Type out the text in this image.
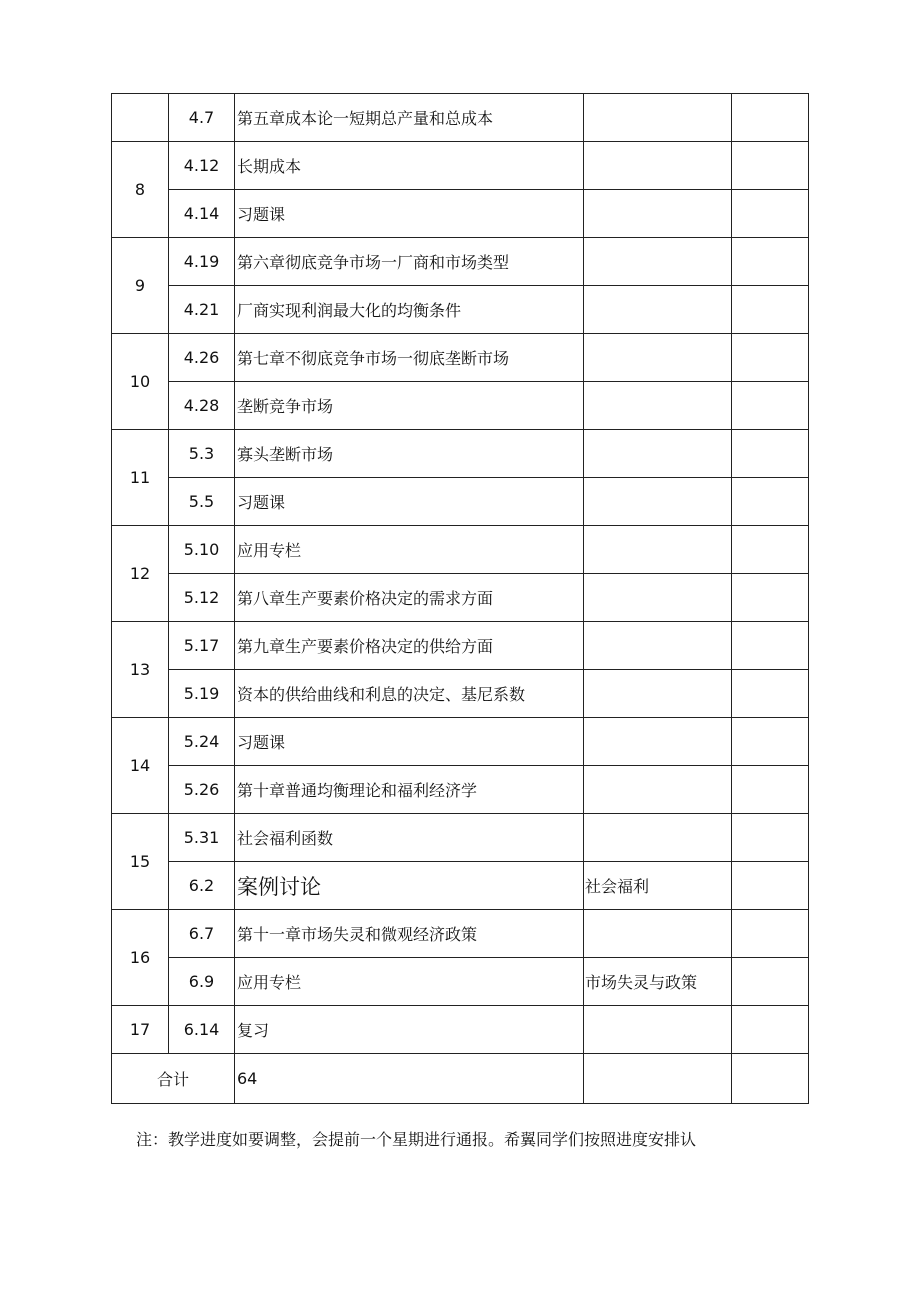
	4.7	第五章成本论一短期总产量和总成本		
8	4.12	长期成本		
	4.14	习题课		
9	4.19	第六章彻底竞争市场一厂商和市场类型		
	4.21	厂商实现利润最大化的均衡条件		
10	4.26	第七章不彻底竞争市场一彻底垄断市场		
	4.28	垄断竞争市场		
11	5.3	寡头垄断市场		
	5.5	习题课		
12	5.10	应用专栏		
	5.12	第八章生产要素价格决定的需求方面		
13	5.17	第九章生产要素价格决定的供给方面		
	5.19	资本的供给曲线和利息的决定、基尼系数		
14	5.24	习题课		
	5.26	第十章普通均衡理论和福利经济学		
15	5.31	社会福利函数		
	6.2	案例讨论	社会福利	
16	6.7	第十一章市场失灵和微观经济政策		
	6.9	应用专栏	市场失灵与政策	
17	6.14	复习		
合计		64		
注：教学进度如要调整，会提前一个星期进行通报。希翼同学们按照进度安排认
